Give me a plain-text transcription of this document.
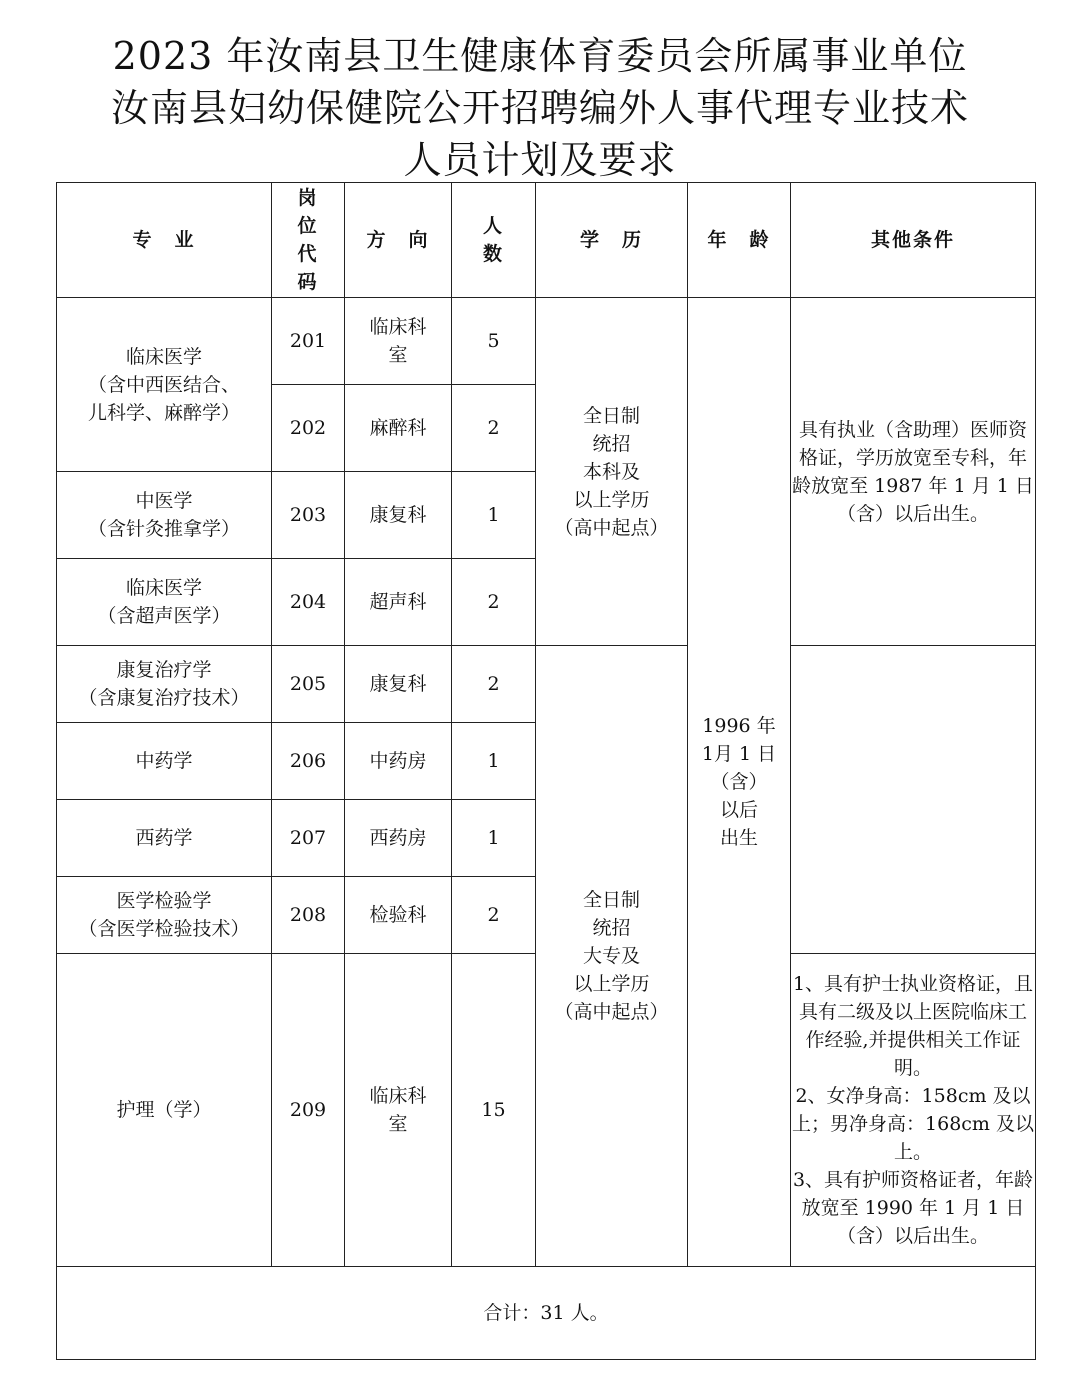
2023 年汝南县卫生健康体育委员会所属事业单位
汝南县妇幼保健院公开招聘编外人事代理专业技术
人员计划及要求
专　业	岗位代码	方　向	人数	学　历	年　龄	其他条件
临床医学
（含中西医结合、
儿科学、麻醉学）	201	临床科
室	5	全日制
统招
本科及
以上学历
（高中起点）	1996 年
1月 1 日
（含）
以后
出生	具有执业（含助理）医师资格证，学历放宽至专科，年龄放宽至 1987 年 1 月 1 日（含）以后出生。
	202	麻醉科	2			
中医学
（含针灸推拿学）	203	康复科	1			
临床医学
（含超声医学）	204	超声科	2			
康复治疗学
（含康复治疗技术）	205	康复科	2	全日制
统招
大专及
以上学历
（高中起点）		
中药学	206	中药房	1			
西药学	207	西药房	1			
医学检验学
（含医学检验技术）	208	检验科	2			
护理（学）	209	临床科
室	15			1、具有护士执业资格证，且具有二级及以上医院临床工作经验,并提供相关工作证明。
2、女净身高：158cm 及以上；男净身高：168cm 及以上。
3、具有护师资格证者，年龄放宽至 1990 年 1 月 1 日（含）以后出生。
合计：31 人。						
